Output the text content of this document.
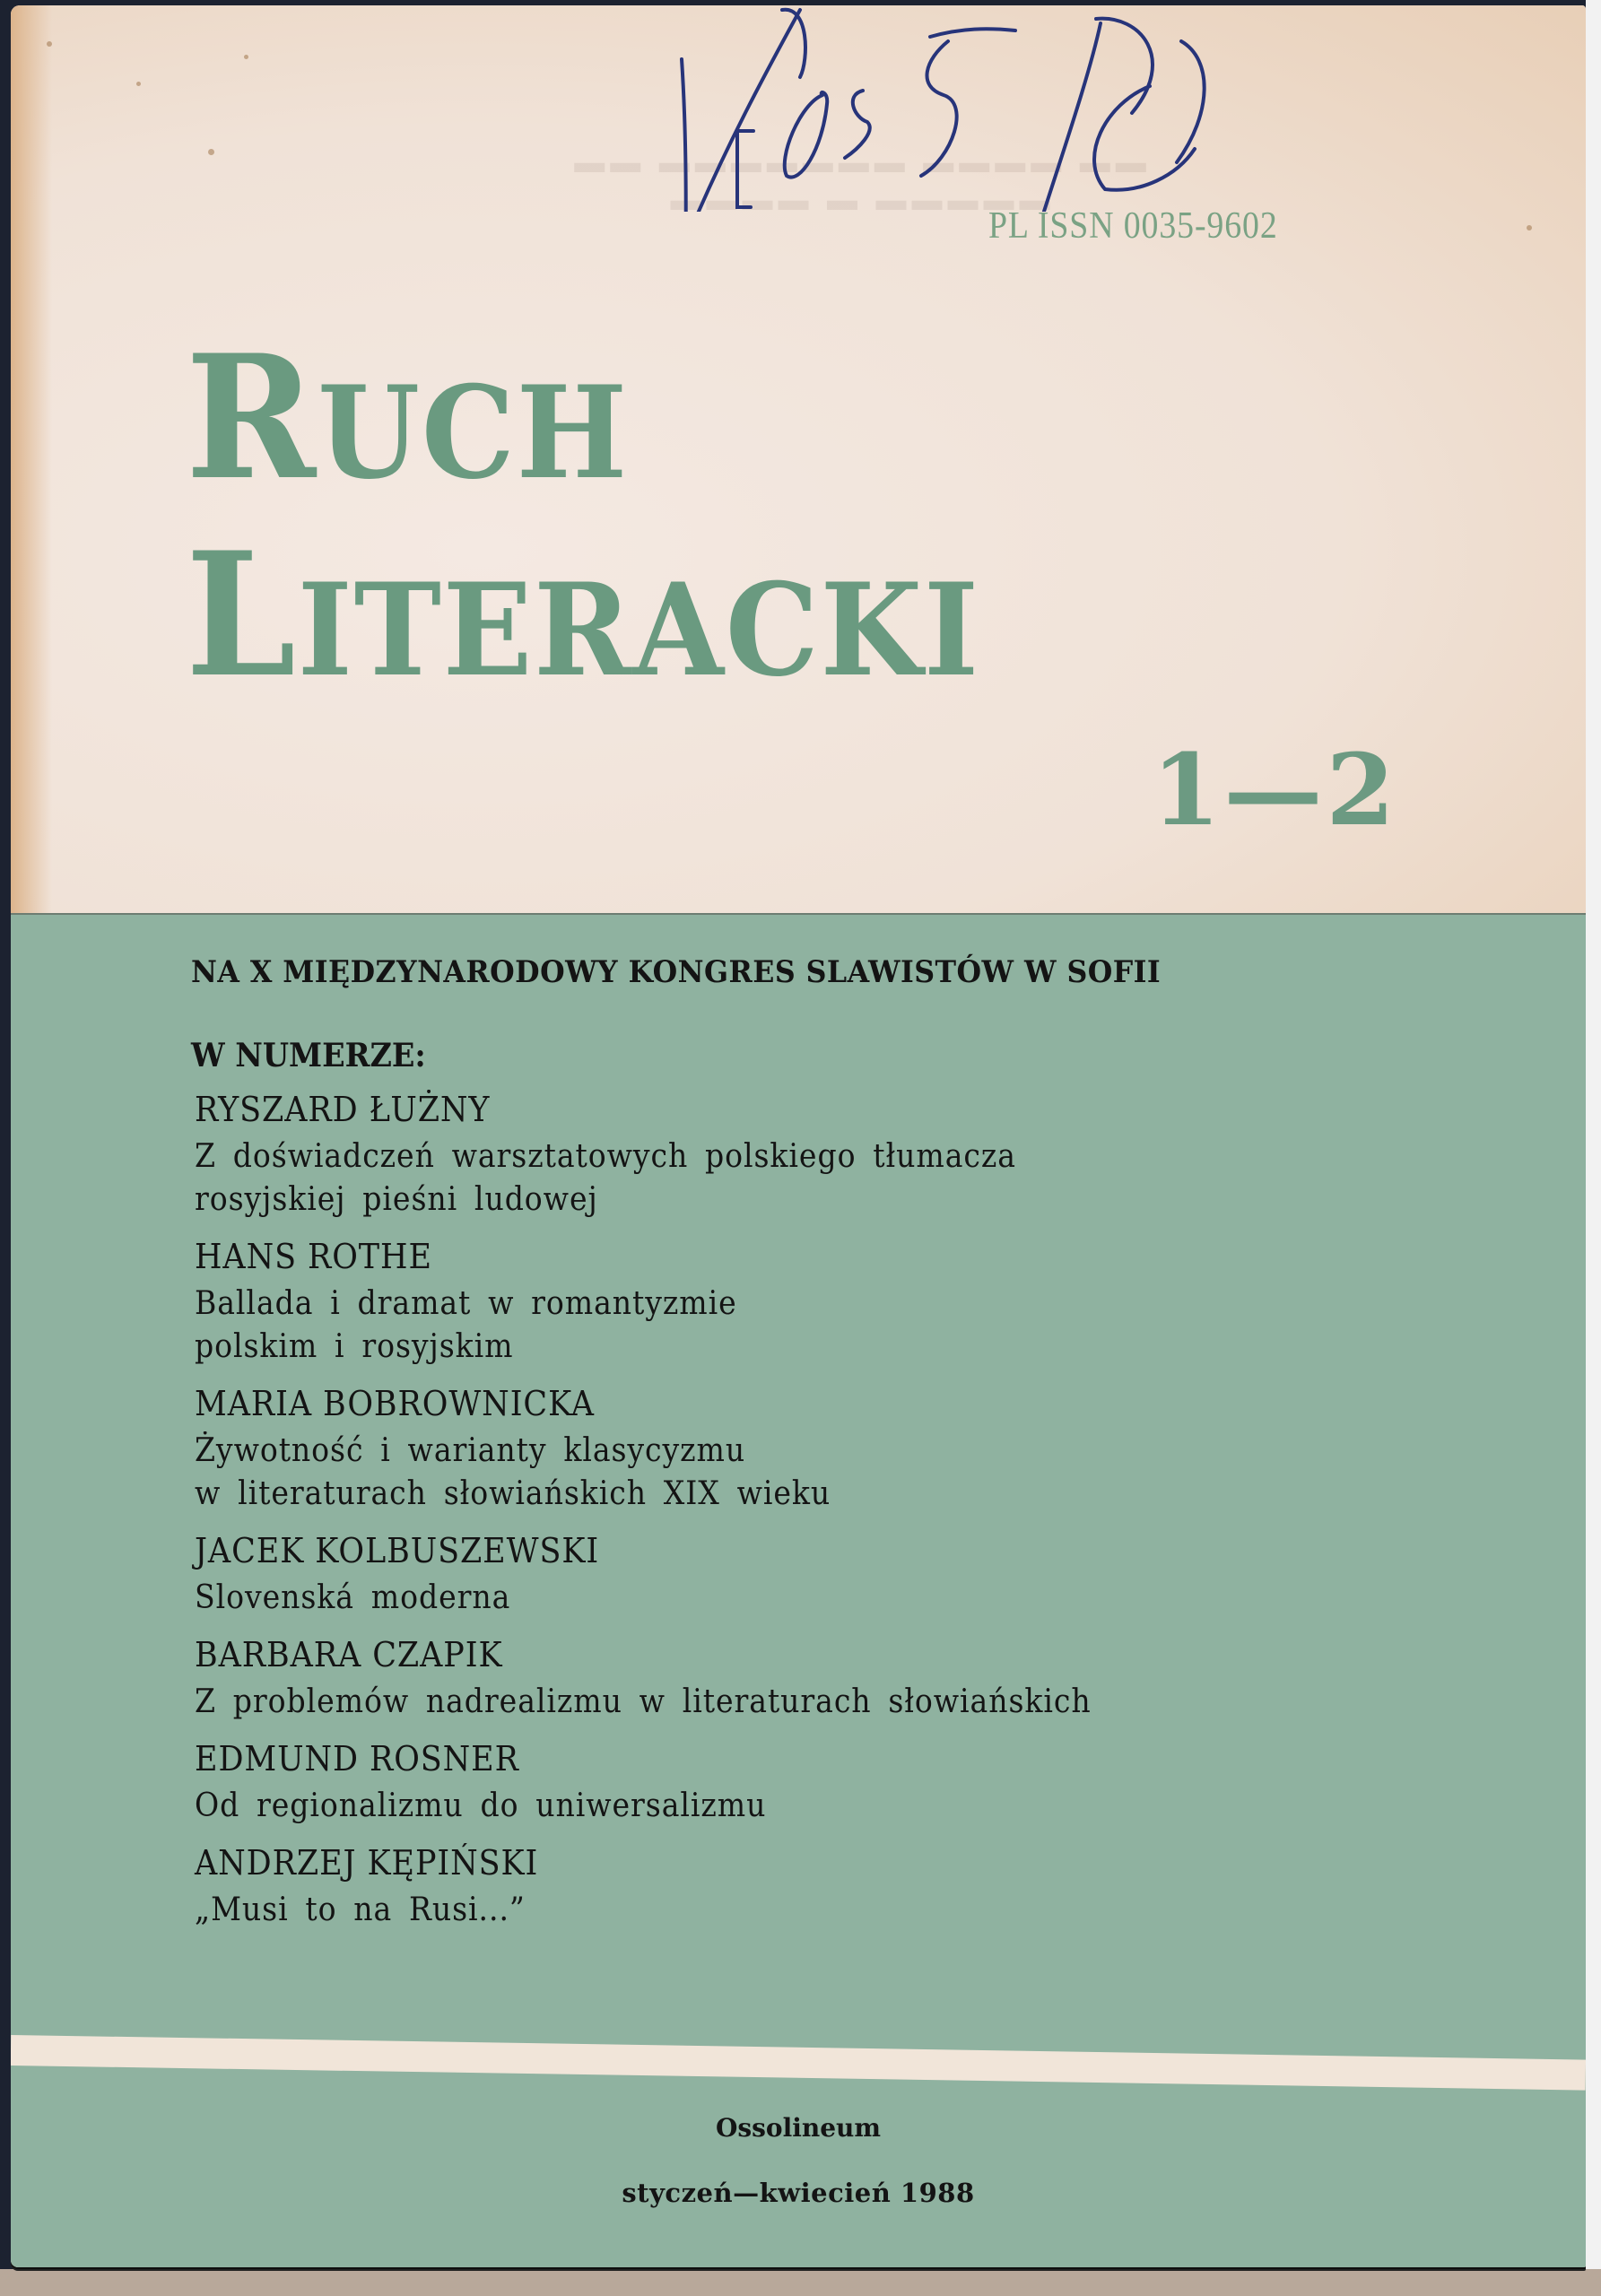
▬▬ ▬▬▬▬▬▬▬ ▬▬▬▬ ▬▬
▬▬▬▬ ▬ ▬▬▬▬▬
PL ISSN 0035-9602
RUCH
LITERACKI
1—2
NA X MIĘDZYNARODOWY KONGRES SLAWISTÓW W SOFII
W NUMERZE:
RYSZARD ŁUŻNY
Z doświadczeń warsztatowych polskiego tłumacza
rosyjskiej pieśni ludowej
HANS ROTHE
Ballada i dramat w romantyzmie
polskim i rosyjskim
MARIA BOBROWNICKA
Żywotność i warianty klasycyzmu
w literaturach słowiańskich XIX wieku
JACEK KOLBUSZEWSKI
Slovenská moderna
BARBARA CZAPIK
Z problemów nadrealizmu w literaturach słowiańskich
EDMUND ROSNER
Od regionalizmu do uniwersalizmu
ANDRZEJ KĘPIŃSKI
„Musi to na Rusi...”
Ossolineum
styczeń—kwiecień 1988
